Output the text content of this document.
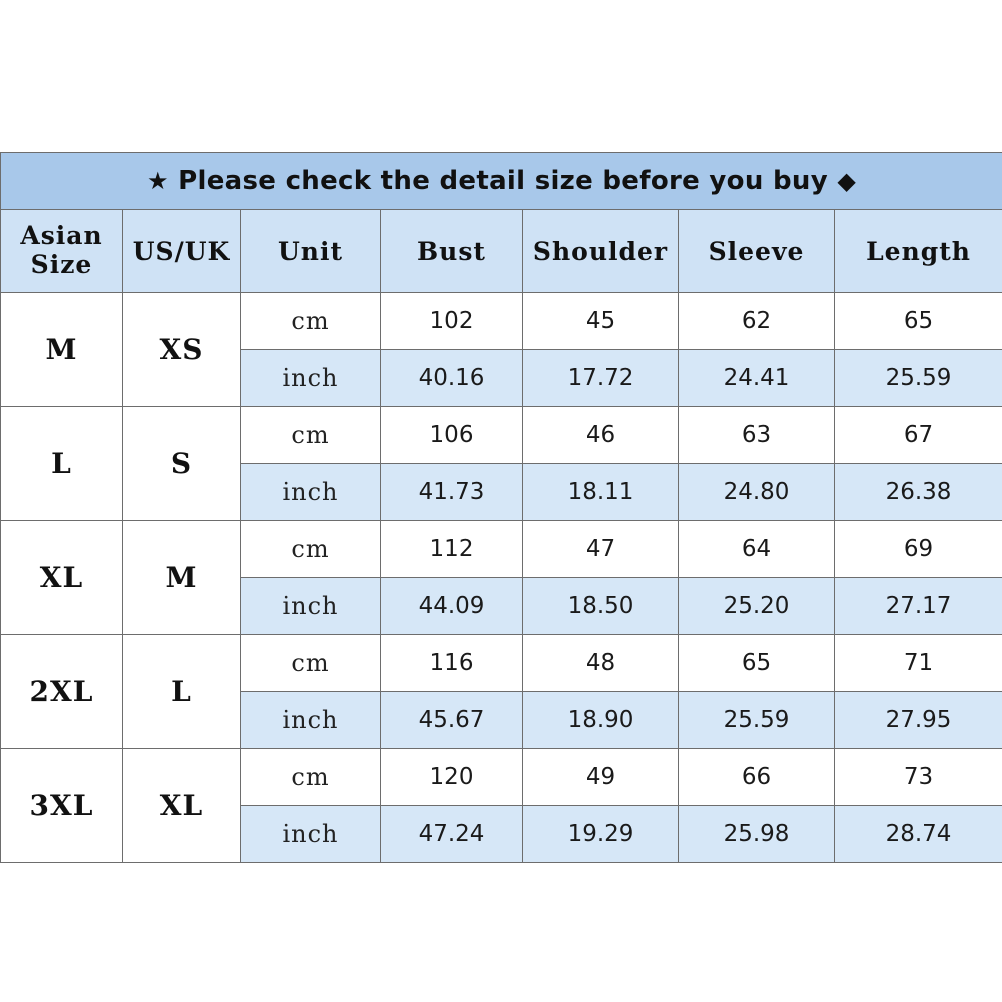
★ Please check the detail size before you buy ◆						

Asian
Size	US/UK	Unit	Bust	Shoulder	Sleeve	Length
M	XS	cm	102	45	62	65
		inch	40.16	17.72	24.41	25.59
L	S	cm	106	46	63	67
		inch	41.73	18.11	24.80	26.38
XL	M	cm	112	47	64	69
		inch	44.09	18.50	25.20	27.17
2XL	L	cm	116	48	65	71
		inch	45.67	18.90	25.59	27.95
3XL	XL	cm	120	49	66	73
		inch	47.24	19.29	25.98	28.74
